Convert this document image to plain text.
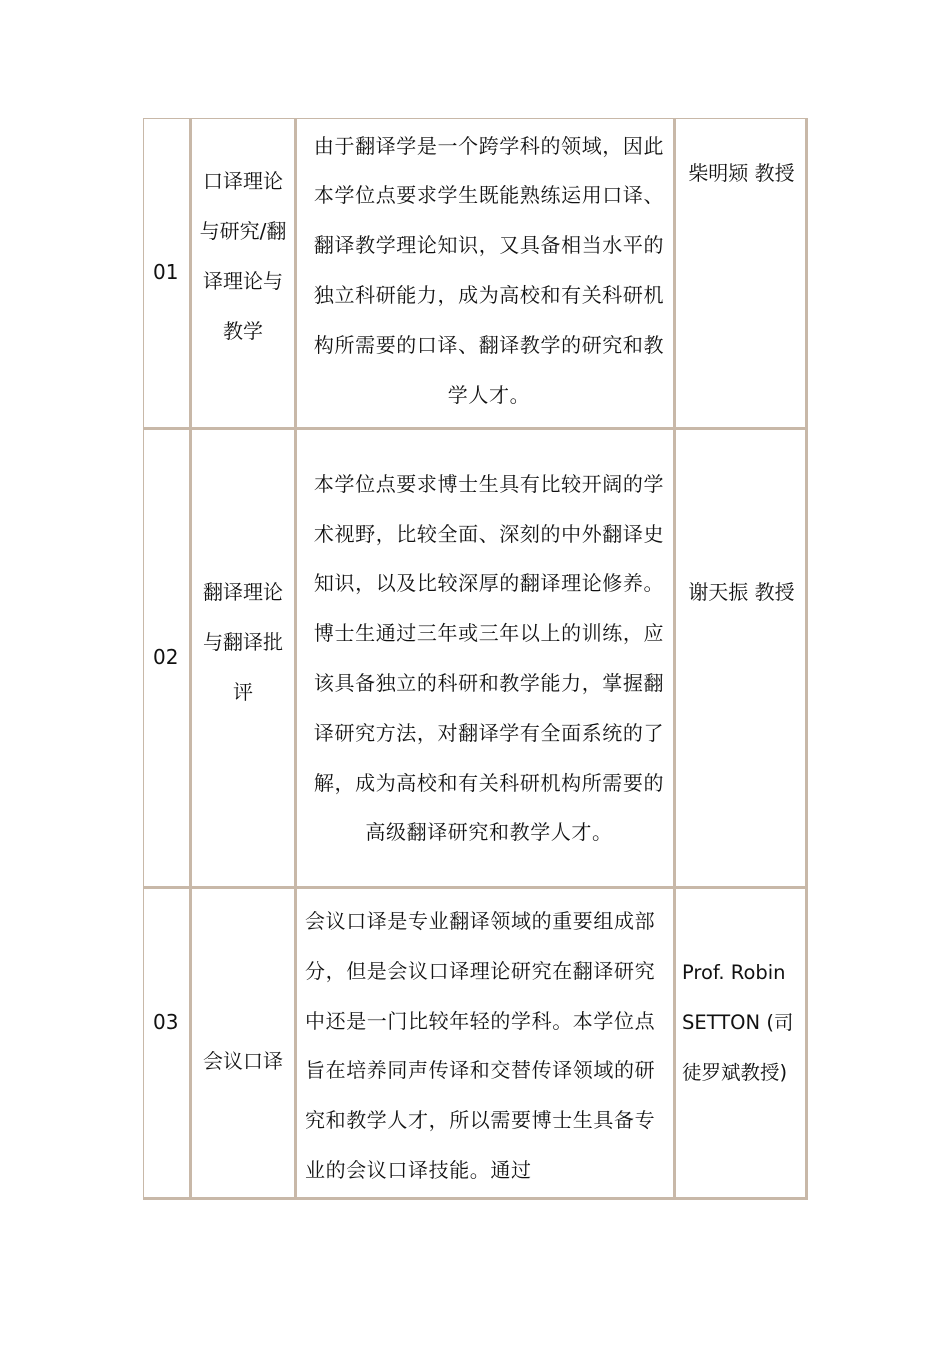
01	口译理论与研究/翻译理论与教学	由于翻译学是一个跨学科的领域，因此本学位点要求学生既能熟练运用口译、翻译教学理论知识，又具备相当水平的独立科研能力，成为高校和有关科研机构所需要的口译、翻译教学的研究和教学人才。	柴明颎 教授

02	翻译理论与翻译批评	本学位点要求博士生具有比较开阔的学术视野，比较全面、深刻的中外翻译史知识，以及比较深厚的翻译理论修养。博士生通过三年或三年以上的训练，应该具备独立的科研和教学能力，掌握翻译研究方法，对翻译学有全面系统的了解，成为高校和有关科研机构所需要的高级翻译研究和教学人才。	谢天振 教授

03	会议口译	会议口译是专业翻译领域的重要组成部分，但是会议口译理论研究在翻译研究中还是一门比较年轻的学科。本学位点旨在培养同声传译和交替传译领域的研究和教学人才，所以需要博士生具备专业的会议口译技能。通过	Prof. Robin SETTON (司徒罗斌教授)
